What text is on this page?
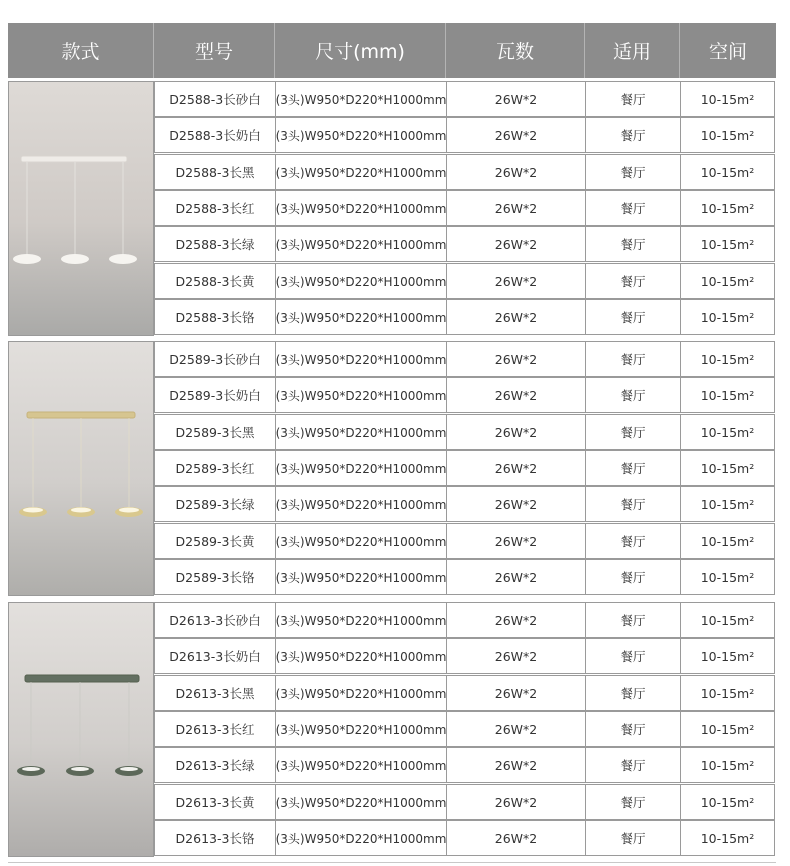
款式	型号	尺寸(mm)	瓦数	适用	空间
D2588-3长砂白	(3头)W950*D220*H1000mm	26W*2	餐厅	10-15m²
D2588-3长奶白	(3头)W950*D220*H1000mm	26W*2	餐厅	10-15m²
D2588-3长黑	(3头)W950*D220*H1000mm	26W*2	餐厅	10-15m²
D2588-3长红	(3头)W950*D220*H1000mm	26W*2	餐厅	10-15m²
D2588-3长绿	(3头)W950*D220*H1000mm	26W*2	餐厅	10-15m²
D2588-3长黄	(3头)W950*D220*H1000mm	26W*2	餐厅	10-15m²
D2588-3长铬	(3头)W950*D220*H1000mm	26W*2	餐厅	10-15m²
D2589-3长砂白	(3头)W950*D220*H1000mm	26W*2	餐厅	10-15m²
D2589-3长奶白	(3头)W950*D220*H1000mm	26W*2	餐厅	10-15m²
D2589-3长黑	(3头)W950*D220*H1000mm	26W*2	餐厅	10-15m²
D2589-3长红	(3头)W950*D220*H1000mm	26W*2	餐厅	10-15m²
D2589-3长绿	(3头)W950*D220*H1000mm	26W*2	餐厅	10-15m²
D2589-3长黄	(3头)W950*D220*H1000mm	26W*2	餐厅	10-15m²
D2589-3长铬	(3头)W950*D220*H1000mm	26W*2	餐厅	10-15m²
D2613-3长砂白	(3头)W950*D220*H1000mm	26W*2	餐厅	10-15m²
D2613-3长奶白	(3头)W950*D220*H1000mm	26W*2	餐厅	10-15m²
D2613-3长黑	(3头)W950*D220*H1000mm	26W*2	餐厅	10-15m²
D2613-3长红	(3头)W950*D220*H1000mm	26W*2	餐厅	10-15m²
D2613-3长绿	(3头)W950*D220*H1000mm	26W*2	餐厅	10-15m²
D2613-3长黄	(3头)W950*D220*H1000mm	26W*2	餐厅	10-15m²
D2613-3长铬	(3头)W950*D220*H1000mm	26W*2	餐厅	10-15m²
